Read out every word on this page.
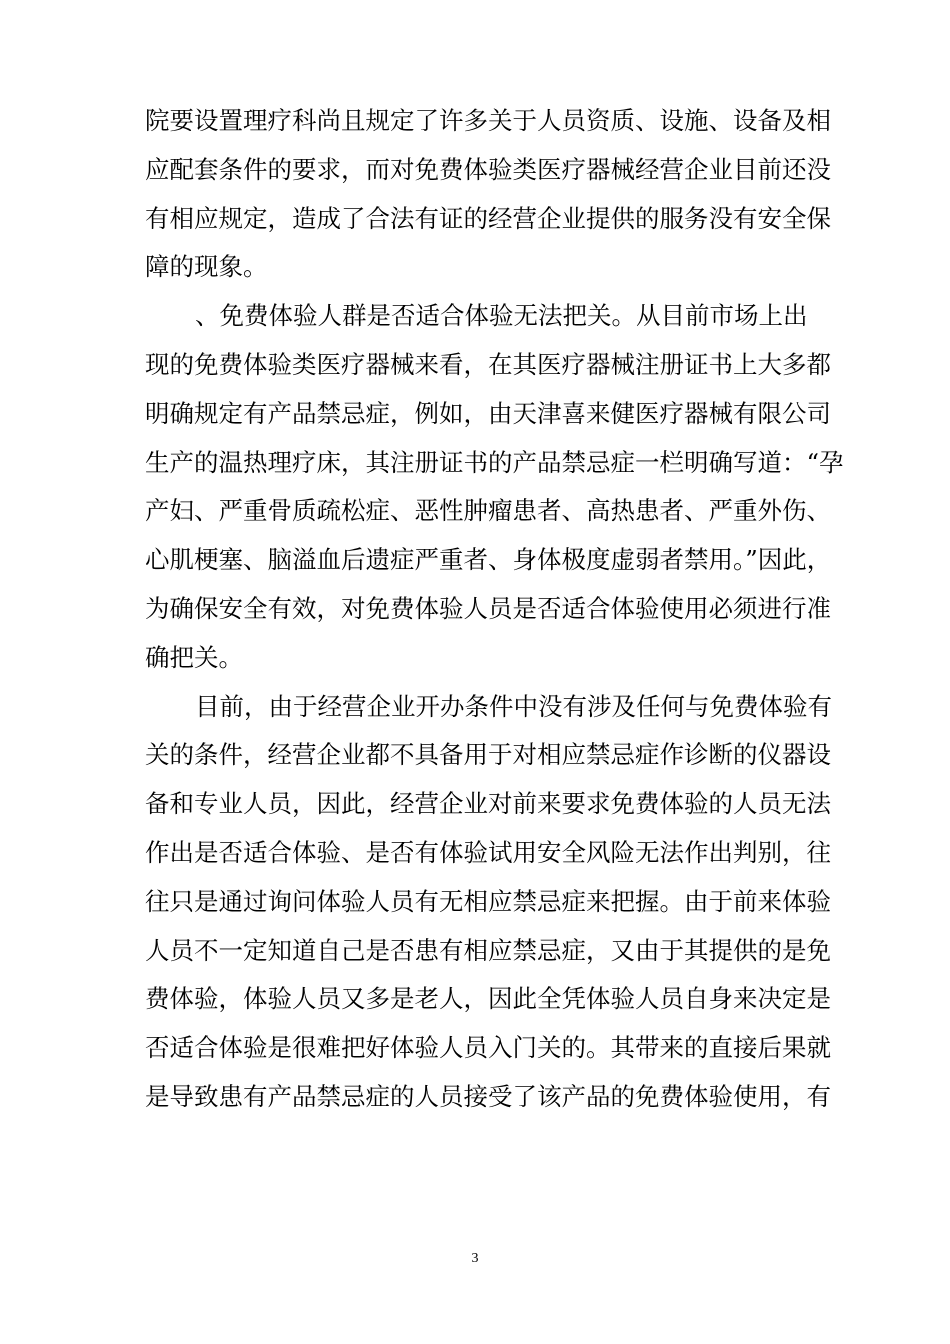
院要设置理疗科尚且规定了许多关于人员资质、设施、设备及相
应配套条件的要求，而对免费体验类医疗器械经营企业目前还没
有相应规定，造成了合法有证的经营企业提供的服务没有安全保
障的现象。
、免费体验人群是否适合体验无法把关。从目前市场上出
现的免费体验类医疗器械来看，在其医疗器械注册证书上大多都
明确规定有产品禁忌症，例如，由天津喜来健医疗器械有限公司
生产的温热理疗床，其注册证书的产品禁忌症一栏明确写道：“孕
产妇、严重骨质疏松症、恶性肿瘤患者、高热患者、严重外伤、
心肌梗塞、脑溢血后遗症严重者、身体极度虚弱者禁用。”因此，
为确保安全有效，对免费体验人员是否适合体验使用必须进行准
确把关。
目前，由于经营企业开办条件中没有涉及任何与免费体验有
关的条件，经营企业都不具备用于对相应禁忌症作诊断的仪器设
备和专业人员，因此，经营企业对前来要求免费体验的人员无法
作出是否适合体验、是否有体验试用安全风险无法作出判别，往
往只是通过询问体验人员有无相应禁忌症来把握。由于前来体验
人员不一定知道自己是否患有相应禁忌症，又由于其提供的是免
费体验，体验人员又多是老人，因此全凭体验人员自身来决定是
否适合体验是很难把好体验人员入门关的。其带来的直接后果就
是导致患有产品禁忌症的人员接受了该产品的免费体验使用，有
3
